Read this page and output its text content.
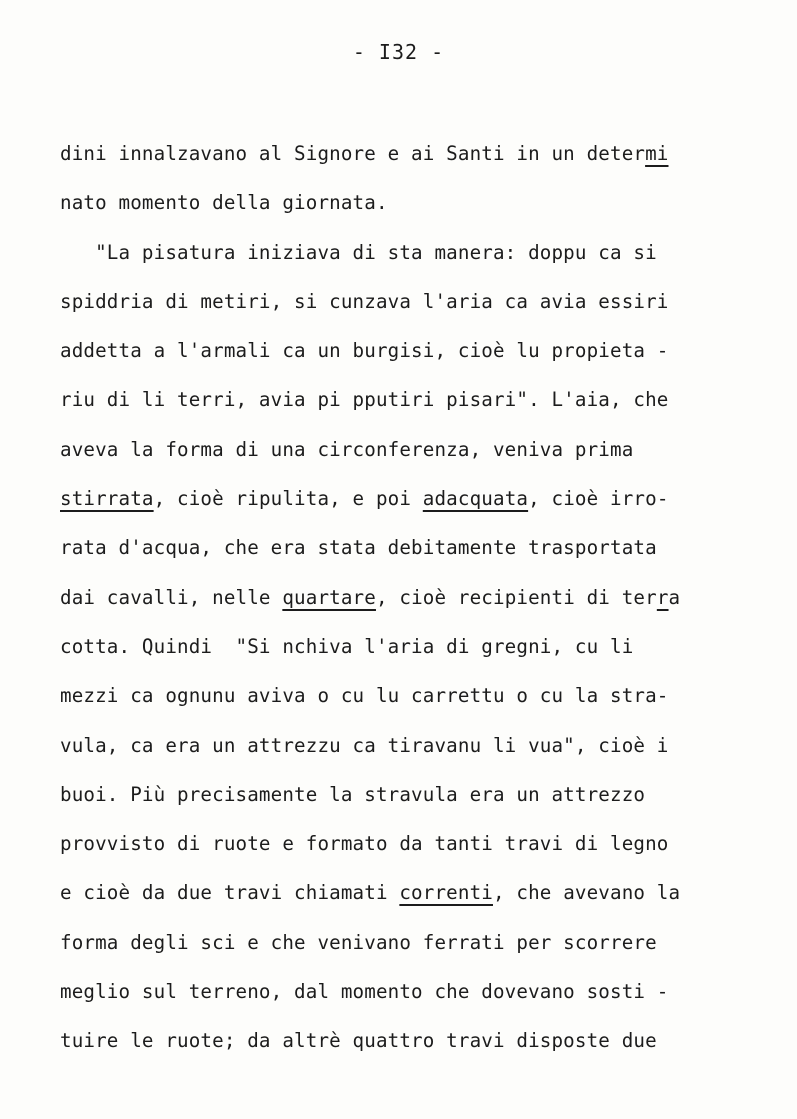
- I32 -
dini innalzavano al Signore e ai Santi in un determi
nato momento della giornata.
"La pisatura iniziava di sta manera: doppu ca si
spiddria di metiri, si cunzava l'aria ca avia essiri
addetta a l'armali ca un burgisi, cioè lu propieta -
riu di li terri, avia pi pputiri pisari". L'aia, che
aveva la forma di una circonferenza, veniva prima
stirrata, cioè ripulita, e poi adacquata, cioè irro-
rata d'acqua, che era stata debitamente trasportata
dai cavalli, nelle quartare, cioè recipienti di terra
cotta. Quindi  "Si nchiva l'aria di gregni, cu li
mezzi ca ognunu aviva o cu lu carrettu o cu la stra-
vula, ca era un attrezzu ca tiravanu li vua", cioè i
buoi. Più precisamente la stravula era un attrezzo
provvisto di ruote e formato da tanti travi di legno
e cioè da due travi chiamati correnti, che avevano la
forma degli sci e che venivano ferrati per scorrere
meglio sul terreno, dal momento che dovevano sosti -
tuire le ruote; da altrè quattro travi disposte due
